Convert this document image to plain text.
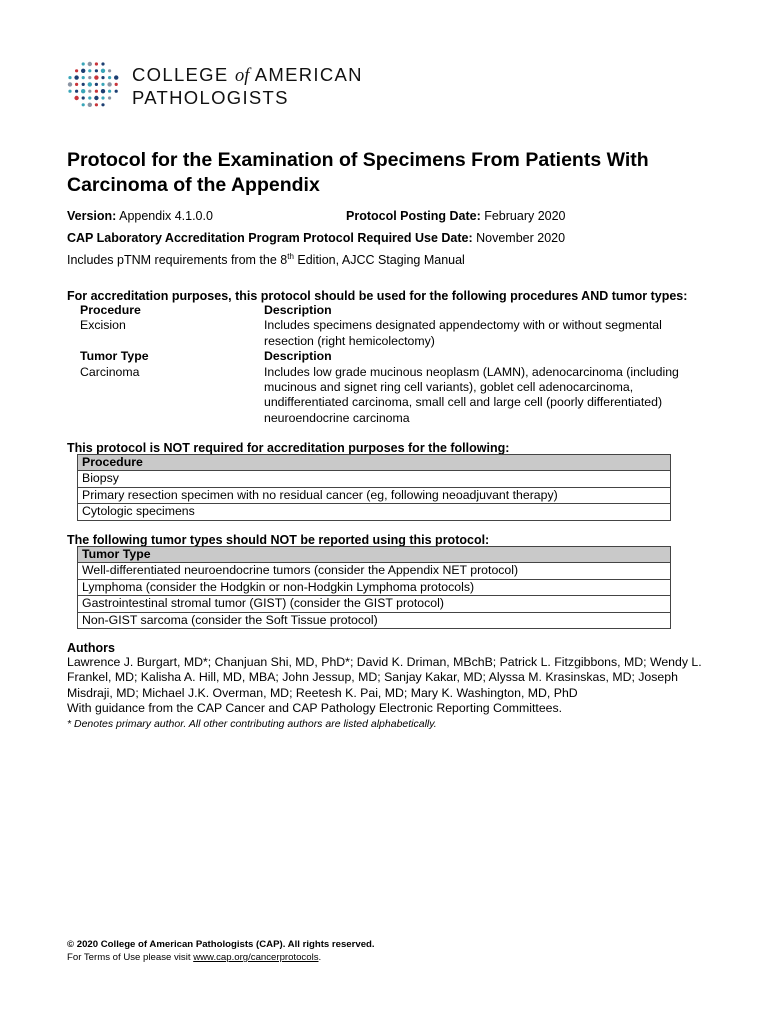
COLLEGE of AMERICAN
PATHOLOGISTS
Protocol for the Examination of Specimens From Patients With Carcinoma of the Appendix
Version: Appendix 4.1.0.0	Protocol Posting Date: February 2020
CAP Laboratory Accreditation Program Protocol Required Use Date: November 2020
Includes pTNM requirements from the 8th Edition, AJCC Staging Manual
For accreditation purposes, this protocol should be used for the following procedures AND tumor types:
Procedure	Description
Excision	Includes specimens designated appendectomy with or without segmental resection (right hemicolectomy)
Tumor Type	Description
Carcinoma	Includes low grade mucinous neoplasm (LAMN), adenocarcinoma (including mucinous and signet ring cell variants), goblet cell adenocarcinoma, undifferentiated carcinoma, small cell and large cell (poorly differentiated) neuroendocrine carcinoma
This protocol is NOT required for accreditation purposes for the following:
Procedure
Biopsy
Primary resection specimen with no residual cancer (eg, following neoadjuvant therapy)
Cytologic specimens
The following tumor types should NOT be reported using this protocol:
Tumor Type
Well-differentiated neuroendocrine tumors (consider the Appendix NET protocol)
Lymphoma (consider the Hodgkin or non-Hodgkin Lymphoma protocols)
Gastrointestinal stromal tumor (GIST) (consider the GIST protocol)
Non-GIST sarcoma (consider the Soft Tissue protocol)
Authors

Lawrence J. Burgart, MD*; Chanjuan Shi, MD, PhD*; David K. Driman, MBchB; Patrick L. Fitzgibbons, MD; Wendy L. Frankel, MD; Kalisha A. Hill, MD, MBA; John Jessup, MD; Sanjay Kakar, MD; Alyssa M. Krasinskas, MD; Joseph Misdraji, MD; Michael J.K. Overman, MD; Reetesh K. Pai, MD; Mary K. Washington, MD, PhD

With guidance from the CAP Cancer and CAP Pathology Electronic Reporting Committees.
* Denotes primary author. All other contributing authors are listed alphabetically.
© 2020 College of American Pathologists (CAP). All rights reserved.
For Terms of Use please visit www.cap.org/cancerprotocols.
